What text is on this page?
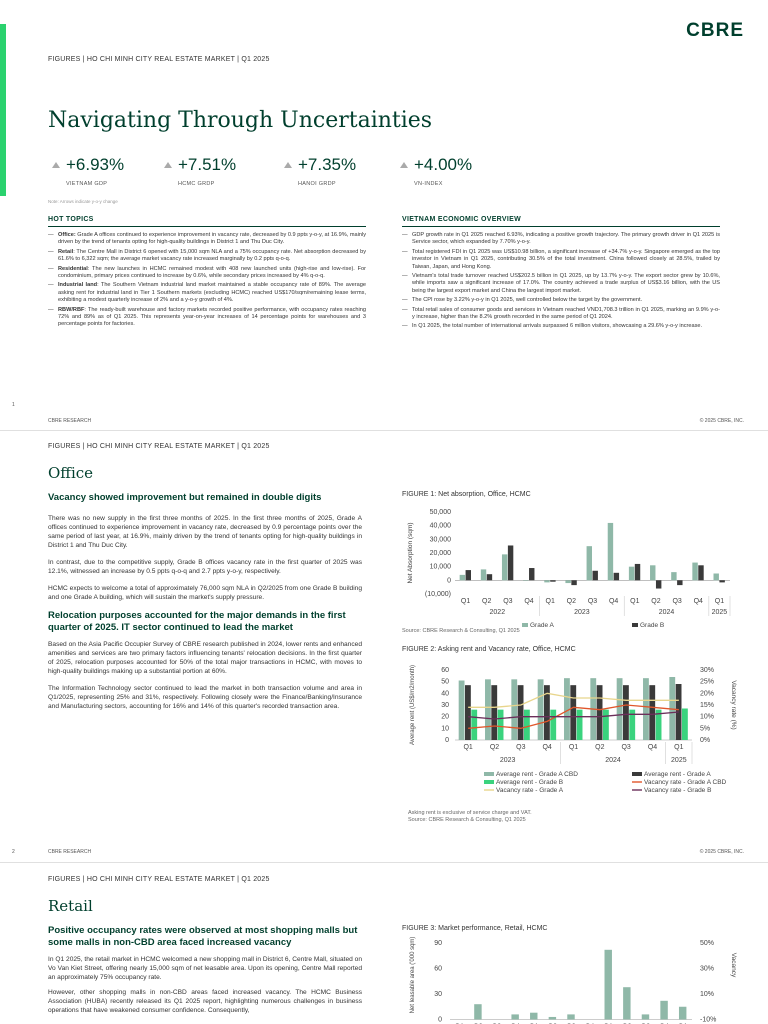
FIGURES | HO CHI MINH CITY REAL ESTATE MARKET | Q1 2025
CBRE
Navigating Through Uncertainties
+6.93%
VIETNAM GDP
+7.51%
HCMC GRDP
+7.35%
HANOI GRDP
+4.00%
VN-INDEX
Note: Arrows indicate y-o-y change
HOT TOPICS
— Office: Grade A offices continued to experience improvement in vacancy rate, decreased by 0.9 ppts y-o-y, at 16.9%, mainly driven by the trend of tenants opting for high-quality buildings in District 1 and Thu Duc City.
— Retail: The Centre Mall in District 6 opened with 15,000 sqm NLA and a 75% occupancy rate. Net absorption decreased by 61.6% to 6,322 sqm; the average market vacancy rate increased marginally by 0.2 ppts q-o-q.
— Residential: The new launches in HCMC remained modest with 408 new launched units (high-rise and low-rise). For condominium, primary prices continued to increase by 0.6%, while secondary prices increased by 4% q-o-q.
— Industrial land: The Southern Vietnam industrial land market maintained a stable occupancy rate of 89%. The average asking rent for industrial land in Tier 1 Southern markets (excluding HCMC) reached US$170/sqm/remaining lease terms, exhibiting a modest quarterly increase of 2% and a y-o-y growth of 4%.
— RBW/RBF: The ready-built warehouse and factory markets recorded positive performance, with occupancy rates reaching 72% and 89% as of Q1 2025. This represents year-on-year increases of 14 percentage points for warehouses and 3 percentage points for factories.
VIETNAM ECONOMIC OVERVIEW
— GDP growth rate in Q1 2025 reached 6.93%, indicating a positive growth trajectory. The primary growth driver in Q1 2025 is Service sector, which expanded by 7.70% y-o-y.
— Total registered FDI in Q1 2025 was US$10.98 billion, a significant increase of +34.7% y-o-y. Singapore emerged as the top investor in Vietnam in Q1 2025, contributing 30.5% of the total investment. China followed closely at 28.5%, trailed by Taiwan, Japan, and Hong Kong.
— Vietnam's total trade turnover reached US$202.5 billion in Q1 2025, up by 13.7% y-o-y. The export sector grew by 10.6%, while imports saw a significant increase of 17.0%. The country achieved a trade surplus of US$3.16 billion, with the US being the largest export market and China the largest import market.
— The CPI rose by 3.22% y-o-y in Q1 2025, well controlled below the target by the government.
— Total retail sales of consumer goods and services in Vietnam reached VND1,708.3 trillion in Q1 2025, marking an 9.9% y-o-y increase, higher than the 8.2% growth recorded in the same period of Q1 2024.
— In Q1 2025, the total number of international arrivals surpassed 6 million visitors, showcasing a 29.6% y-o-y increase.
1
CBRE RESEARCH	© 2025 CBRE, INC.
FIGURES | HO CHI MINH CITY REAL ESTATE MARKET | Q1 2025
Office
Vacancy showed improvement but remained in double digits

There was no new supply in the first three months of 2025. In the first three months of 2025, Grade A offices continued to experience improvement in vacancy rate, decreased by 0.9 percentage points over the same period of last year, at 16.9%, mainly driven by the trend of tenants opting for high-quality buildings in District 1 and Thu Duc City.

In contrast, due to the competitive supply, Grade B offices vacancy rate in the first quarter of 2025 was 12.1%, witnessed an increase by 0.5 ppts q-o-q and 2.7 ppts y-o-y, respectively.

HCMC expects to welcome a total of approximately 76,000 sqm NLA in Q2/2025 from one Grade B building and one Grade A building, which will sustain the market's supply pressure.

Relocation purposes accounted for the major demands in the first quarter of 2025. IT sector continued to lead the market

Based on the Asia Pacific Occupier Survey of CBRE research published in 2024, lower rents and enhanced amenities and services are two primary factors influencing tenants' relocation decisions. In the first quarter of 2025, relocation purposes accounted for 50% of the total major transactions in HCMC, with moves to high-quality buildings making up a substantial portion at 60%.

The Information Technology sector continued to lead the market in both transaction volume and area in Q1/2025, representing 25% and 31%, respectively. Following closely were the Finance/Banking/Insurance and Manufacturing sectors, accounting for 16% and 14% of this quarter's recorded transaction area.

FIGURE 1: Net absorption, Office, HCMC
50,000
40,000
30,000
20,000
10,000
0
(10,000)
Net Absorption (sqm)
Q1 Q2 Q3 Q4 Q1 Q2 Q3 Q4 Q1 Q2 Q3 Q4 Q1
2022	2023	2024	2025
Grade A	Grade B
Source: CBRE Research & Consulting, Q1 2025
FIGURE 2: Asking rent and Vacancy rate, Office, HCMC
60
50
40
30
20
10
0
30%
25%
20%
15%
10%
5%
0%
Average rent (US$/m2/month)	Vacancy rate (%)
Q1 Q2 Q3 Q4 Q1 Q2 Q3 Q4 Q1
2023	2024	2025
Average rent - Grade A CBD	Average rent - Grade A
Average rent - Grade B	Vacancy rate - Grade A CBD
Vacancy rate - Grade A	Vacancy rate - Grade B
Asking rent is exclusive of service charge and VAT.
Source: CBRE Research & Consulting, Q1 2025
2	CBRE RESEARCH	© 2025 CBRE, INC.
FIGURES | HO CHI MINH CITY REAL ESTATE MARKET | Q1 2025
Retail
Positive occupancy rates were observed at most shopping malls but some malls in non-CBD area faced increased vacancy

In Q1 2025, the retail market in HCMC welcomed a new shopping mall in District 6, Centre Mall, situated on Vo Van Kiet Street, offering nearly 15,000 sqm of net leasable area. Upon its opening, Centre Mall reported an approximately 75% occupancy rate.

However, other shopping malls in non-CBD areas faced increased vacancy. The HCMC Business Association (HUBA) recently released its Q1 2025 report, highlighting numerous challenges in business operations that have weakened consumer confidence. Consequently,

FIGURE 3: Market performance, Retail, HCMC
90
60
30
0
50%
30%
10%
-10%
Net leasable area ('000 sqm)	Vacancy
